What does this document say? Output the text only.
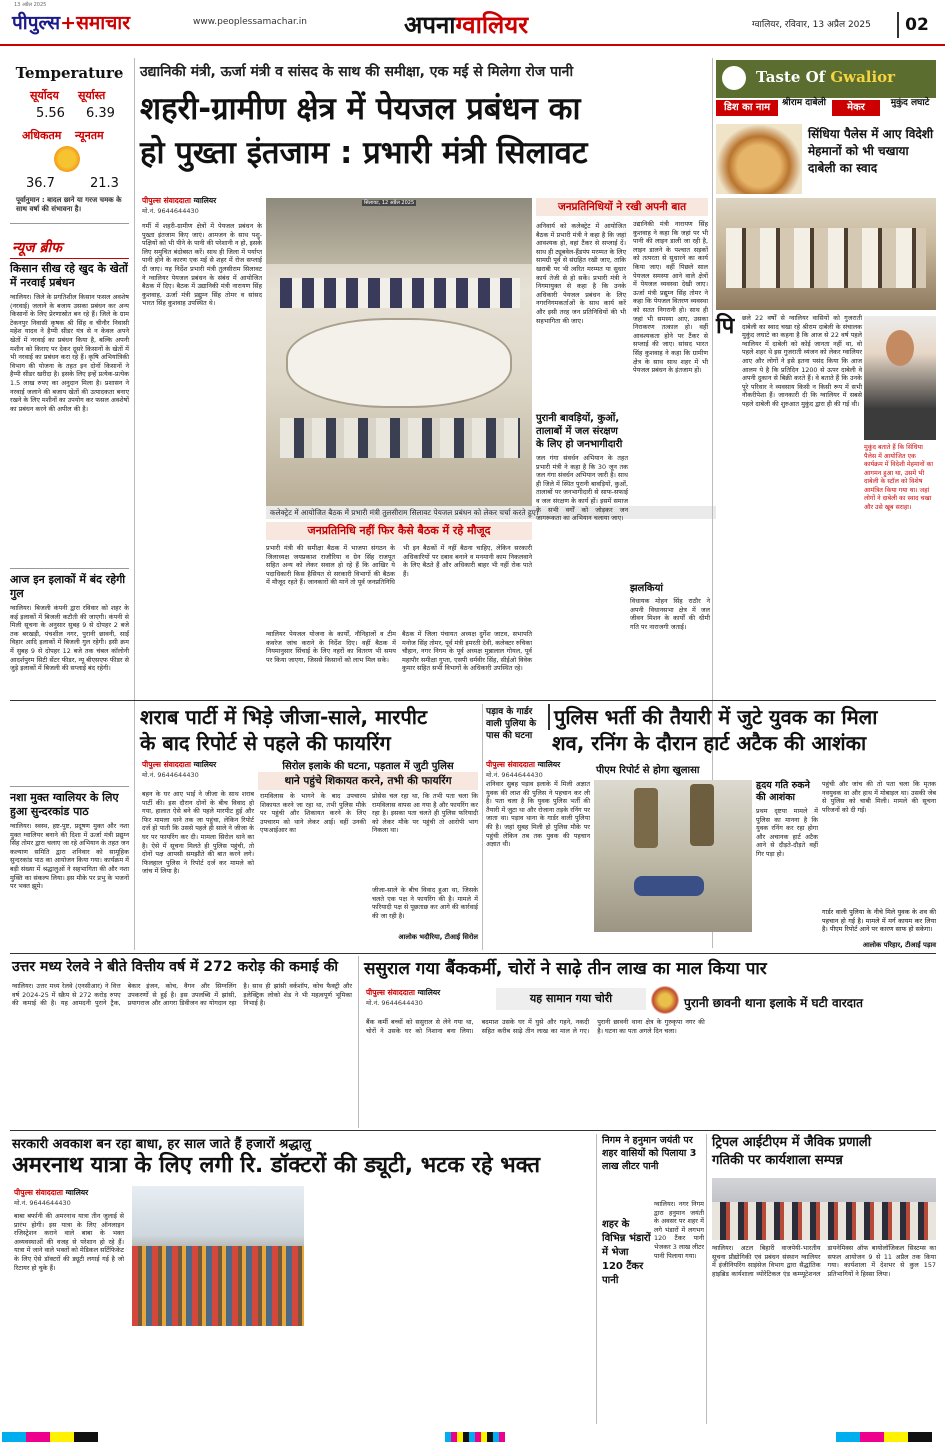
13 अप्रैल 2025
पीपुल्स+समाचार	www.peoplessamachar.in	अपनाग्वालियर	ग्वालियर, रविवार, 13 अप्रैल 2025	02
Temperature
सूर्योदय सूर्यास्त
5.56 6.39
अधिकतम न्यूनतम
36.7	21.3
पूर्वानुमान : बादल छाने या गरज चमक के साथ वर्षा की संभावना है।
न्यूज ब्रीफ
किसान सीख रहे खुद के खेतों में नरवाई प्रबंधन
ग्वालियर। जिले के प्रगतिशील किसान फसल अवशेष (नरवाई) जलाने के बजाय उसका प्रबंधन कर अन्य किसानों के लिए प्रेरणास्रोत बन रहे हैं। जिले के ग्राम टेकनपुर निवासी कृषक श्री सिंह व चीनौर निवासी महेश यादव ने हैप्पी सीडर यंत्र से न केवल अपने खेतों में नरवाई का प्रबंधन किया है, बल्कि अपनी मशीन को किराए पर देकर दूसरे किसानों के खेतों में भी नरवाई का प्रबंधन करा रहे हैं। कृषि अभियांत्रिकी विभाग की योजना के तहत इन दोनों किसानों ने हैप्पी सीडर खरीदा है। इसके लिए इन्हें प्रत्येक-प्रत्येक 1.5 लाख रुपए का अनुदान मिला है। प्रशासन ने नरवाई जलाने की बजाय खेतों की उत्पादकता बनाए रखने के लिए मशीनों का उपयोग कर फसल अवशेषों का प्रबंधन करने की अपील की है।
आज इन इलाकों में बंद रहेगी गुल
ग्वालियर। बिजली कंपनी द्वारा रविवार को शहर के कई इलाकों में बिजली कटौती की जाएगी। कंपनी से मिली सूचना के अनुसार सुबह 9 से दोपहर 2 बजे तक बरखड़ी, पंचशील नगर, पुरानी छावनी, साईं विहार आदि इलाकों में बिजली गुल रहेगी। इसी क्रम में सुबह 9 से दोपहर 12 बजे तक चंबल कॉलोनी आदर्शपुरम सिटी सेंटर फीडर, न्यू बीएसएफ फीडर से जुड़े इलाकों में बिजली की सप्लाई बंद रहेगी।
नशा मुक्त ग्वालियर के लिए हुआ सुन्दरकांड पाठ
ग्वालियर। स्वस्थ, हष्ट-पुष्ट, प्रदूषण मुक्त और नशा मुक्त ग्वालियर बनाने की दिशा में ऊर्जा मंत्री प्रद्युम्न सिंह तोमर द्वारा चलाए जा रहे अभियान के तहत जन कल्याण समिति द्वारा शनिवार को सामूहिक सुन्दरकांड पाठ का आयोजन किया गया। कार्यक्रम में बड़ी संख्या में श्रद्धालुओं ने सहभागिता की और नशा मुक्ति का संकल्प लिया। इस मौके पर प्रभु के भजनों पर भक्त झूमे।
उद्यानिकी मंत्री, ऊर्जा मंत्री व सांसद के साथ की समीक्षा, एक मई से मिलेगा रोज पानी
शहरी-ग्रामीण क्षेत्र में पेयजल प्रबंधन का
हो पुख्ता इंतजाम : प्रभारी मंत्री सिलावट
पीपुल्स संवाददाता ग्वालियर
मो.नं. 9644644430
गर्मी में शहरी-ग्रामीण क्षेत्रों में पेयजल प्रबंधन के पुख्ता इंतजाम किए जाएं। आमजन के साथ पशु-पक्षियों को भी पीने के पानी की परेशानी न हो, इसके लिए समुचित बंदोबस्त करें। साथ ही जिला में पर्याप्त पानी होने के कारण एक मई से शहर में रोज सप्लाई दी जाए। यह निर्देश प्रभारी मंत्री तुलसीराम सिलावट ने ग्वालियर पेयजल प्रबंधन के संबंध में आयोजित बैठक में दिए। बैठक में उद्यानिकी मंत्री नारायण सिंह कुशवाह, ऊर्जा मंत्री प्रद्युम्न सिंह तोमर व सांसद भारत सिंह कुशवाह उपस्थित थे।
सिलावट, 12 अप्रैल 2025
कलेक्ट्रेट में आयोजित बैठक में प्रभारी मंत्री तुलसीराम सिलावट पेयजल प्रबंधन को लेकर चर्चा करते हुए।
जनप्रतिनिधि नहीं फिर कैसे बैठक में रहे मौजूद
प्रभारी मंत्री की समीक्षा बैठक में भाजपा संगठन के जिलाध्यक्ष जयप्रकाश राजौरिया व ग्रेन सिंह राजपूत सहित अन्य को लेकर सवाल हो रहे हैं कि आखिर ये पदाधिकारी किस हैसियत से सरकारी विभागों की बैठक में मौजूद रहते हैं। जानकारों की मानें तो पूर्व जनप्रतिनिधि भी इन बैठकों में नहीं बैठना चाहिए, लेकिन सरकारी अधिकारियों पर दबाव बनाने व मनमानी काम निकलवाने के लिए बैठते हैं और अधिकारी बाहर भी नहीं रोक पाते हैं।
ग्वालियर पेयजल योजना के कार्यों, नौनिहालों व टीम कवरेज जांच कराने के निर्देश दिए। वहीं बैठक में नियमानुसार सिंचाई के लिए नहरों का वितरण भी समय पर किया जाएगा, जिससे किसानों को लाभ मिल सके।
बैठक में जिला पंचायत अध्यक्ष दुर्गेश जाटव, सभापति मनोज सिंह तोमर, पूर्व मंत्री इमरती देवी, कलेक्टर रुचिका चौहान, नगर निगम के पूर्व अध्यक्ष मुन्नालाल गोयल, पूर्व महापौर समीक्षा गुप्ता, एसपी धर्मवीर सिंह, सीईओ विवेक कुमार सहित सभी विभागों के अधिकारी उपस्थित रहे।
जनप्रतिनिधियों ने रखी अपनी बात
उद्यानिकी मंत्री नारायण सिंह कुशवाह ने कहा कि जहां पर भी पानी की लाइन डाली जा रही है, लाइन डालने के पश्चात सड़कों को तत्परता से सुधारने का कार्य किया जाए। वहीं पिछले साल पेयजल समस्या आने वाले क्षेत्रों में पेयजल व्यवस्था देखी जाए। ऊर्जा मंत्री प्रद्युम्न सिंह तोमर ने कहा कि पेयजल वितरण व्यवस्था को सतत निगरानी हो। साथ ही जहां भी समस्या आए, उसका निराकरण तत्काल हो। वहीं आवश्यकता होने पर टैंकर से सप्लाई की जाए। सांसद भारत सिंह कुशवाह ने कहा कि ग्रामीण क्षेत्र के साथ साथ शहर में भी पेयजल प्रबंधन के इंतजाम हो।
अनिवार्य को कलेक्ट्रेट में आयोजित बैठक में प्रभारी मंत्री ने कहा है कि जहां आवश्यक हो, वहां टैंकर से सप्लाई दें। साथ ही ट्यूबवेल-हैंडपंप मरम्मत के लिए सामग्री पूर्व से संग्रहित रखी जाए, ताकि खराबी पर भी त्वरित मरम्मत या सुधार कार्य तेजी से हो सकें। प्रभारी मंत्री ने निगमायुक्त से कहा है कि उनके अधिकारी पेयजल प्रबंधन के लिए नगरनिगमकर्ताओं के साथ कार्य करें और इसी तरह जन प्रतिनिधियों की भी सहभागिता की जाए।
पुरानी बावड़ियों, कुओं, तालाबों में जल संरक्षण के लिए हो जनभागीदारी
जल गंगा संवर्धन अभियान के तहत प्रभारी मंत्री ने कहा है कि 30 जून तक जल गंगा संवर्धन अभियान जारी है। साथ ही जिले में स्थित पुरानी बावड़ियों, कुओं, तालाबों पर जनभागीदारी से साफ-सफाई व जल संरक्षण के कार्य हों। इसमें समाज के सभी वर्गों को जोड़कर जन जागरूकता का अभियान चलाया जाए।
झलकियां
विधायक मोहन सिंह राठौर ने अपनी विधानसभा क्षेत्र में जल जीवन मिशन के कार्यों की धीमी गति पर नाराजगी जताई।
Taste Of Gwalior
डिश का नाम	श्रीराम दाबेली	मेकर	मुकुंद लघाटे
सिंधिया पैलेस में आए विदेशी मेहमानों को भी चखाया दाबेली का स्वाद
पि	छले 22 वर्षों से ग्वालियर वासियों को गुजराती दाबेली का स्वाद चखा रहे श्रीराम दाबेली के संचालक मुकुंद लघाटे का कहना है कि आज से 22 वर्ष पहले ग्वालियर में दाबेली को कोई जानता नहीं था, वो पहले शहर थे इस गुजराती व्यंजन को लेकर ग्वालियर आए और लोगों ने इसे इतना पसंद किया कि आज आलम ये है कि प्रतिदिन 1200 से ऊपर दाबेली वे अपनी दुकान से बिक्री करते हैं। वे बताते हैं कि उनके पूरे परिवार ने व्यवसाय किसी न किसी रूप में सभी नौकरीपेशा हैं। जानकारी दी कि ग्वालियर में सबसे पहले दाबेली की शुरुआत मुकुंद द्वारा ही की गई थी।
मुकुंद बताते हैं कि सिंधिया पैलेस में आयोजित एक कार्यक्रम में विदेशी मेहमानों का आगमन हुआ था, उसमें भी दाबेली के स्टॉल को विशेष आमंत्रित किया गया था। जहां लोगों ने दाबेली का स्वाद चखा और उसे खूब सराहा।
शराब पार्टी में भिड़े जीजा-साले, मारपीट
के बाद रिपोर्ट से पहले की फायरिंग
पीपुल्स संवाददाता ग्वालियर
मो.नं. 9644644430
सिरोल इलाके की घटना, पड़ताल में जुटी पुलिस
थाने पहुंचे शिकायत करने, तभी की फायरिंग
बहन के घर आए भाई ने जीजा के साथ शराब पार्टी की। इस दौरान दोनों के बीच विवाद हो गया, हालात ऐसे बने की पहले मारपीट हुई और फिर मामला थाने तक जा पहुंचा, लेकिन रिपोर्ट दर्ज हो पाती कि उससे पहले ही साले ने जीजा के घर पर फायरिंग कर दी। मामला सिरोल थाने का है। ऐसे में सूचना मिलते ही पुलिस पहुंची, तो दोनों पक्ष आपसी समझौते की बात करने लगे। फिलहाल पुलिस ने रिपोर्ट दर्ज कर मामले को जांच में लिया है।
रामविलास के भागने के बाद उपचारम शिकायत करने जा रहा था, तभी पुलिस मौके पर पहुंची और शिकायत करने के लिए उपचारम को थाने लेकर आई। वहीं उनकी एफआईआर का
प्रोसेस चल रहा था, कि तभी पता चला कि रामविलास वापस आ गया है और फायरिंग कर रहा है। इसका पता चलते ही पुलिस फरियादी को लेकर मौके पर पहुंची तो आरोपी भाग निकला था।
जीजा-साले के बीच विवाद हुआ था, जिसके चलते एक पक्ष ने फायरिंग की है। मामले में फरियादी पक्ष से पूछताछ कर आगे की कार्रवाई की जा रही है।
आलोक भदौरिया, टीआई सिरोल
पड़ाव के गार्डर वाली पुलिया के पास की घटना
पुलिस भर्ती की तैयारी में जुटे युवक का मिला
शव, रनिंग के दौरान हार्ट अटैक की आशंका
पीपुल्स संवाददाता ग्वालियर
मो.नं. 9644644430	पीएम रिपोर्ट से होगा खुलासा
शनिवार सुबह पड़ाव इलाके में मिली अज्ञात युवक की लाश की पुलिस ने पहचान कर ली है। पता चला है कि युवक पुलिस भर्ती की तैयारी में जुटा था और रोजाना तड़के रनिंग पर जाता था। पड़ाव थाना के गार्डर वाली पुलिया की है। जहां सुबह मिली हो पुलिस मौके पर पहुंची लेकिन तब तक युवक की पहचान अज्ञात थी।
हृदय गति रुकने की आशंका
प्रथम दृष्टया मामले में पुलिस का मानना है कि युवक रनिंग कर रहा होगा और अचानक हार्ट अटैक आने से दौड़ते-दौड़ते वहीं गिर पड़ा हो।
पहुंची और जांच की तो पता चला कि मृतक नवयुवक था और हाथ में मोबाइल था। उसकी जेब से पुलिस को चाबी मिली। मामले की सूचना परिजनों को दी गई।
गार्डर वाली पुलिया के नीचे मिले युवक के शव की पहचान हो गई है। मामले में मर्ग कायम कर लिया है। पीएम रिपोर्ट आने पर कारण साफ हो सकेगा।
आलोक परिहार, टीआई पड़ाव
उत्तर मध्य रेलवे ने बीते वित्तीय वर्ष में 272 करोड़ की कमाई की
ग्वालियर। उत्तर मध्य रेलवे (एनसीआर) ने वित्त वर्ष 2024-25 में स्क्रैप से 272 करोड़ रुपए की कमाई की है। यह आमदनी पुराने ट्रैक, बेकार इंजन, कोच, वैगन और सिग्नलिंग उपकरणों से हुई है। इस उपलब्धि में झांसी, प्रयागराज और आगरा डिवीजन का योगदान रहा है। साथ ही झांसी वर्कशॉप, कोच फैक्ट्री और इलेक्ट्रिक लोको शेड ने भी महत्वपूर्ण भूमिका निभाई है।
ससुराल गया बैंककर्मी, चोरों ने साढ़े तीन लाख का माल किया पार
पीपुल्स संवाददाता ग्वालियर
मो.नं. 9644644430	यह सामान गया चोरी	पुरानी छावनी थाना इलाके में घटी वारदात
बैंक कर्मी बच्चों को ससुराल से लेने गया था, चोरों ने उसके घर को निशाना बना लिया। बदमाश उसके घर में घुसे और गहने, नकदी सहित करीब साढ़े तीन लाख का माल ले गए। पुरानी छावनी थाना क्षेत्र के गुरुकृपा नगर की है। घटना का पता अगले दिन चला।
सरकारी अवकाश बन रहा बाधा, हर साल जाते हैं हजारों श्रद्धालु
अमरनाथ यात्रा के लिए लगी रि. डॉक्टरों की ड्यूटी, भटक रहे भक्त
पीपुल्स संवाददाता ग्वालियर
मो.नं. 9644644430
बाबा बर्फानी की अमरनाथ यात्रा तीन जुलाई से प्रारंभ होगी। इस यात्रा के लिए ऑनलाइन रजिस्ट्रेशन कराने वाले बाबा के भक्त अव्यवस्थाओं की वजह से परेशान हो रहे हैं। यात्रा में जाने वाले भक्तों को मेडिकल सर्टिफिकेट के लिए ऐसे डॉक्टरों की ड्यूटी लगाई गई है जो रिटायर हो चुके हैं।
निगम ने हनुमान जयंती पर शहर वासियों को पिलाया 3 लाख लीटर पानी
शहर के विभिन्न भंडारों में भेजा 120 टैंकर पानी
ग्वालियर। नगर निगम द्वारा हनुमान जयंती के अवसर पर शहर में लगे भंडारों में लगभग 120 टैंकर पानी भेजकर 3 लाख लीटर पानी पिलाया गया।
ट्रिपल आईटीएम में जैविक प्रणाली
गतिकी पर कार्यशाला सम्पन्न
ग्वालियर। अटल बिहारी वाजपेयी-भारतीय सूचना प्रौद्योगिकी एवं प्रबंधन संस्थान ग्वालियर में इंजीनियरिंग साइंसेज विभाग द्वारा सैद्धांतिक हाइब्रिड कार्यशाला थ्योरेटिकल एंड कम्प्यूटेशनल डायनेमिक्स ऑफ बायोलॉजिकल सिस्टम्स का सफल आयोजन 9 से 11 अप्रैल तक किया गया। कार्यशाला में देशभर से कुल 157 प्रतिभागियों ने हिस्सा लिया।
